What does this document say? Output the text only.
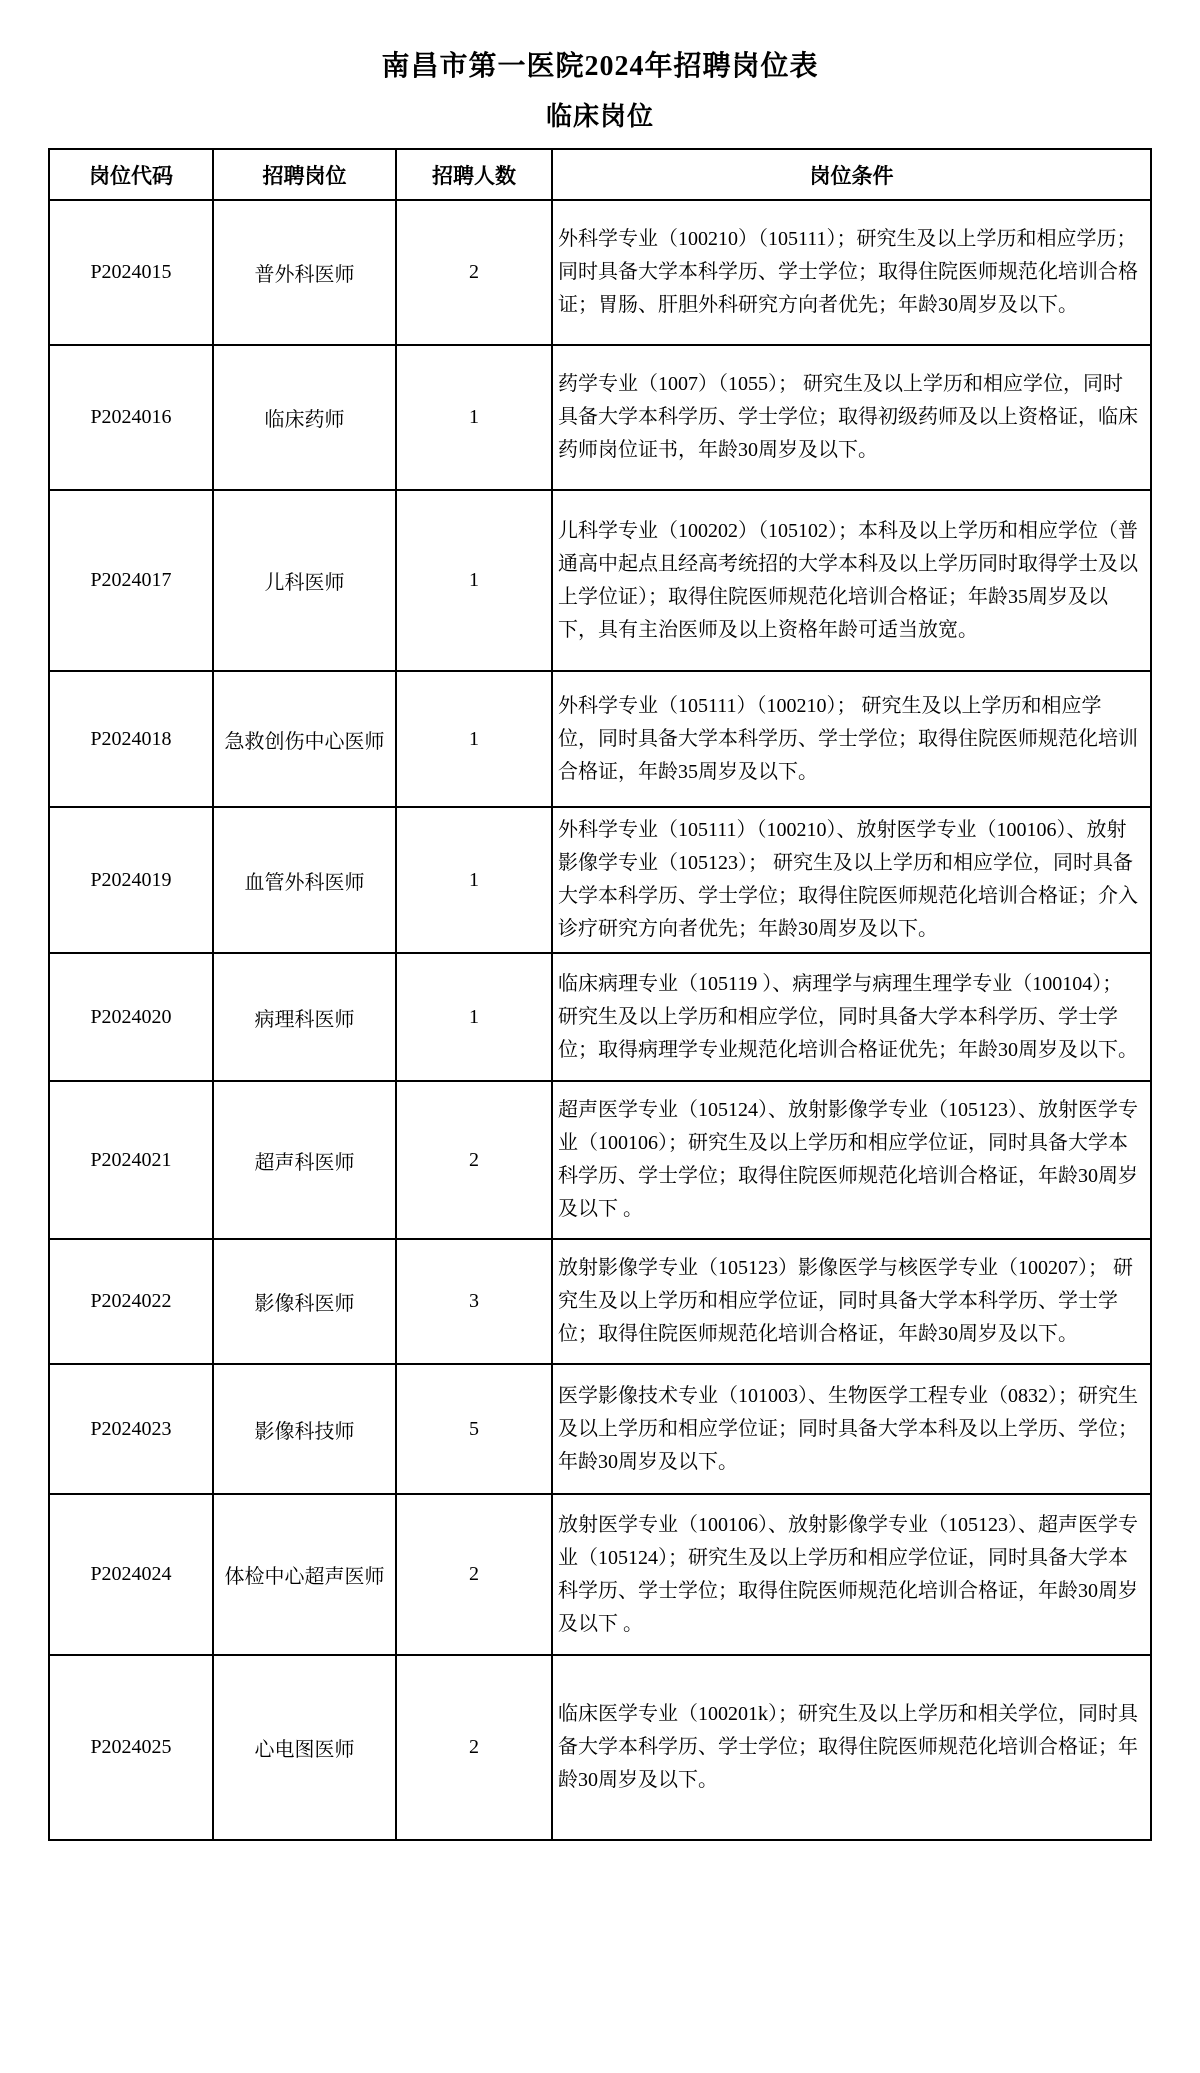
南昌市第一医院2024年招聘岗位表
临床岗位
岗位代码	招聘岗位	招聘人数	岗位条件
P2024015	普外科医师	2	外科学专业（100210）（105111）；研究生及以上学历和相应学历；同时具备大学本科学历、学士学位；取得住院医师规范化培训合格证；胃肠、肝胆外科研究方向者优先；年龄30周岁及以下。
P2024016	临床药师	1	药学专业（1007）（1055）； 研究生及以上学历和相应学位，同时具备大学本科学历、学士学位；取得初级药师及以上资格证，临床药师岗位证书，年龄30周岁及以下。
P2024017	儿科医师	1	儿科学专业（100202）（105102）；本科及以上学历和相应学位（普通高中起点且经高考统招的大学本科及以上学历同时取得学士及以上学位证）；取得住院医师规范化培训合格证；年龄35周岁及以下，具有主治医师及以上资格年龄可适当放宽。
P2024018	急救创伤中心医师	1	外科学专业（105111）（100210）； 研究生及以上学历和相应学位，同时具备大学本科学历、学士学位；取得住院医师规范化培训合格证，年龄35周岁及以下。
P2024019	血管外科医师	1	外科学专业（105111）（100210）、放射医学专业（100106）、放射影像学专业（105123）； 研究生及以上学历和相应学位，同时具备大学本科学历、学士学位；取得住院医师规范化培训合格证；介入诊疗研究方向者优先；年龄30周岁及以下。
P2024020	病理科医师	1	临床病理专业（105119 ）、病理学与病理生理学专业（100104）；研究生及以上学历和相应学位，同时具备大学本科学历、学士学位；取得病理学专业规范化培训合格证优先；年龄30周岁及以下。
P2024021	超声科医师	2	超声医学专业（105124）、放射影像学专业（105123）、放射医学专业（100106）；研究生及以上学历和相应学位证，同时具备大学本科学历、学士学位；取得住院医师规范化培训合格证，年龄30周岁及以下 。
P2024022	影像科医师	3	放射影像学专业（105123）影像医学与核医学专业（100207）； 研究生及以上学历和相应学位证，同时具备大学本科学历、学士学位；取得住院医师规范化培训合格证，年龄30周岁及以下。
P2024023	影像科技师	5	医学影像技术专业（101003）、生物医学工程专业（0832）；研究生及以上学历和相应学位证；同时具备大学本科及以上学历、学位；年龄30周岁及以下。
P2024024	体检中心超声医师	2	放射医学专业（100106）、放射影像学专业（105123）、超声医学专业（105124）；研究生及以上学历和相应学位证，同时具备大学本科学历、学士学位；取得住院医师规范化培训合格证，年龄30周岁及以下 。
P2024025	心电图医师	2	临床医学专业（100201k）；研究生及以上学历和相关学位，同时具备大学本科学历、学士学位；取得住院医师规范化培训合格证；年龄30周岁及以下。
